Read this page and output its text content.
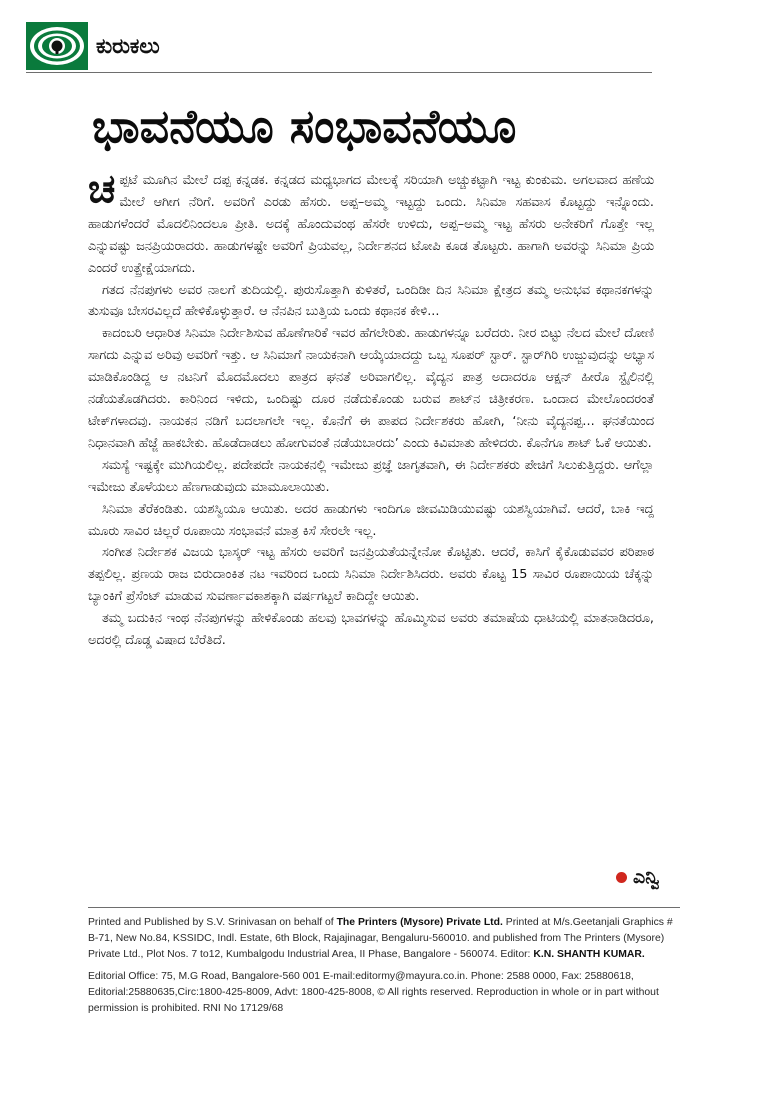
ಕುರುಕಲು
ಭಾವನೆಯೂ ಸಂಭಾವನೆಯೂ

ಚಪ್ಪಟೆ ಮೂಗಿನ ಮೇಲೆ ದಪ್ಪ ಕನ್ನಡಕ. ಕನ್ನಡದ ಮಧ್ಯಭಾಗದ ಮೇಲಕ್ಕೆ ಸರಿಯಾಗಿ ಅಚ್ಚುಕಟ್ಟಾಗಿ ಇಟ್ಟ ಕುಂಕುಮ. ಅಗಲವಾದ ಹಣೆಯ ಮೇಲೆ ಆಗೀಗ ನೆರಿಗೆ. ಅವರಿಗೆ ಎರಡು ಹೆಸರು. ಅಪ್ಪ–ಅಮ್ಮ ಇಟ್ಟದ್ದು ಒಂದು. ಸಿನಿಮಾ ಸಹವಾಸ ಕೊಟ್ಟದ್ದು ಇನ್ನೊಂದು. ಹಾಡುಗಳೆಂದರೆ ಮೊದಲಿನಿಂದಲೂ ಪ್ರೀತಿ. ಅದಕ್ಕೆ ಹೊಂದುವಂಥ ಹೆಸರೇ ಉಳಿದು, ಅಪ್ಪ–ಅಮ್ಮ ಇಟ್ಟ ಹೆಸರು ಅನೇಕರಿಗೆ ಗೊತ್ತೇ ಇಲ್ಲ ಎನ್ನುವಷ್ಟು ಜನಪ್ರಿಯರಾದರು. ಹಾಡುಗಳಷ್ಟೇ ಅವರಿಗೆ ಪ್ರಿಯವಲ್ಲ, ನಿರ್ದೇಶನದ ಟೋಪಿ ಕೂಡ ತೊಟ್ಟರು. ಹಾಗಾಗಿ ಅವರನ್ನು ಸಿನಿಮಾ ಪ್ರಿಯ ಎಂದರೆ ಉತ್ಪ್ರೇಕ್ಷೆಯಾಗದು.

ಗತದ ನೆನಪುಗಳು ಅವರ ನಾಲಗೆ ತುದಿಯಲ್ಲಿ. ಪುರುಸೊತ್ತಾಗಿ ಕುಳಿತರೆ, ಒಂದಿಡೀ ದಿನ ಸಿನಿಮಾ ಕ್ಷೇತ್ರದ ತಮ್ಮ ಅನುಭವ ಕಥಾನಕಗಳನ್ನು ತುಸುವೂ ಬೇಸರವಿಲ್ಲದೆ ಹೇಳಿಕೊಳ್ಳುತ್ತಾರೆ. ಆ ನೆನಪಿನ ಬುತ್ತಿಯ ಒಂದು ಕಥಾನಕ ಕೇಳಿ...

ಕಾದಂಬರಿ ಆಧಾರಿತ ಸಿನಿಮಾ ನಿರ್ದೇಶಿಸುವ ಹೊಣೆಗಾರಿಕೆ ಇವರ ಹೆಗಲೇರಿತು. ಹಾಡುಗಳನ್ನೂ ಬರೆದರು. ನೀರ ಬಿಟ್ಟು ನೆಲದ ಮೇಲೆ ದೋಣಿ ಸಾಗದು ಎನ್ನುವ ಅರಿವು ಅವರಿಗೆ ಇತ್ತು. ಆ ಸಿನಿಮಾಗೆ ನಾಯಕನಾಗಿ ಆಯ್ಕೆಯಾದದ್ದು ಒಬ್ಬ ಸೂಪರ್ ಸ್ಟಾರ್. ಸ್ಟಾರ್‌ಗಿರಿ ಉಜ್ಜುವುದನ್ನು ಅಭ್ಯಾಸ ಮಾಡಿಕೊಂಡಿದ್ದ ಆ ನಟನಿಗೆ ಮೊದಮೊದಲು ಪಾತ್ರದ ಘನತೆ ಅರಿವಾಗಲಿಲ್ಲ. ವೈದ್ಯನ ಪಾತ್ರ ಅದಾದರೂ ಆಕ್ಷನ್ ಹೀರೊ ಸ್ಟೈಲಿನಲ್ಲಿ ನಡೆಯತೊಡಗಿದರು. ಕಾರಿನಿಂದ ಇಳಿದು, ಒಂದಿಷ್ಟು ದೂರ ನಡೆದುಕೊಂಡು ಬರುವ ಶಾಟ್‌ನ ಚಿತ್ರೀಕರಣ. ಒಂದಾದ ಮೇಲೊಂದರಂತೆ ಟೇಕ್‌ಗಳಾದವು. ನಾಯಕನ ನಡಿಗೆ ಬದಲಾಗಲೇ ಇಲ್ಲ. ಕೊನೆಗೆ ಈ ಪಾಪದ ನಿರ್ದೇಶಕರು ಹೋಗಿ, ‘ನೀನು ವೈದ್ಯನಪ್ಪ... ಘನತೆಯಿಂದ ನಿಧಾನವಾಗಿ ಹೆಜ್ಜೆ ಹಾಕಬೇಕು. ಹೊಡೆದಾಡಲು ಹೋಗುವಂತೆ ನಡೆಯಬಾರದು’ ಎಂದು ಕಿವಿಮಾತು ಹೇಳಿದರು. ಕೊನೆಗೂ ಶಾಟ್ ಓಕೆ ಆಯಿತು.

ಸಮಸ್ಯೆ ಇಷ್ಟಕ್ಕೇ ಮುಗಿಯಲಿಲ್ಲ. ಪದೇಪದೇ ನಾಯಕನಲ್ಲಿ ಇಮೇಜು ಪ್ರಜ್ಞೆ ಜಾಗೃತವಾಗಿ, ಈ ನಿರ್ದೇಶಕರು ಪೇಚಿಗೆ ಸಿಲುಕುತ್ತಿದ್ದರು. ಆಗೆಲ್ಲಾ ಇಮೇಜು ತೊಳೆಯಲು ಹೆಣಗಾಡುವುದು ಮಾಮೂಲಾಯಿತು.

ಸಿನಿಮಾ ತೆರೆಕಂಡಿತು. ಯಶಸ್ವಿಯೂ ಆಯಿತು. ಅದರ ಹಾಡುಗಳು ಇಂದಿಗೂ ಜೀವಮಿಡಿಯುವಷ್ಟು ಯಶಸ್ವಿಯಾಗಿವೆ. ಆದರೆ, ಬಾಕಿ ಇದ್ದ ಮೂರು ಸಾವಿರ ಚಿಲ್ಲರೆ ರೂಪಾಯಿ ಸಂಭಾವನೆ ಮಾತ್ರ ಕಿಸೆ ಸೇರಲೇ ಇಲ್ಲ.

ಸಂಗೀತ ನಿರ್ದೇಶಕ ವಿಜಯ ಭಾಸ್ಕರ್ ಇಟ್ಟ ಹೆಸರು ಅವರಿಗೆ ಜನಪ್ರಿಯತೆಯನ್ನೇನೋ ಕೊಟ್ಟಿತು. ಆದರೆ, ಕಾಸಿಗೆ ಕೈಕೊಡುವವರ ಪರಿಪಾಠ ತಪ್ಪಲಿಲ್ಲ. ಪ್ರಣಯ ರಾಜ ಬಿರುದಾಂಕಿತ ನಟ ಇವರಿಂದ ಒಂದು ಸಿನಿಮಾ ನಿರ್ದೇಶಿಸಿದರು. ಅವರು ಕೊಟ್ಟ 15 ಸಾವಿರ ರೂಪಾಯಿಯ ಚೆಕ್ಕನ್ನು ಬ್ಯಾಂಕಿಗೆ ಪ್ರೆಸೆಂಟ್ ಮಾಡುವ ಸುವರ್ಣಾವಕಾಶಕ್ಕಾಗಿ ವರ್ಷಗಟ್ಟಲೆ ಕಾದಿದ್ದೇ ಆಯಿತು.

ತಮ್ಮ ಬದುಕಿನ ಇಂಥ ನೆನಪುಗಳನ್ನು ಹೇಳಿಕೊಂಡು ಹಲವು ಭಾವಗಳನ್ನು ಹೊಮ್ಮಿಸುವ ಅವರು ತಮಾಷೆಯ ಧಾಟಿಯಲ್ಲಿ ಮಾತನಾಡಿದರೂ, ಅದರಲ್ಲಿ ದೊಡ್ಡ ವಿಷಾದ ಬೆರೆತಿದೆ.

ಎನ್ವಿ

Printed and Published by S.V. Srinivasan on behalf of The Printers (Mysore) Private Ltd. Printed at M/s.Geetanjali Graphics # B-71, New No.84, KSSIDC, Indl. Estate, 6th Block, Rajajinagar, Bengaluru-560010. and published from The Printers (Mysore) Private Ltd., Plot Nos. 7 to12, Kumbalgodu Industrial Area, II Phase, Bangalore - 560074. Editor: K.N. SHANTH KUMAR.

Editorial Office: 75, M.G Road, Bangalore-560 001 E-mail:editormy@mayura.co.in. Phone: 2588 0000, Fax: 25880618, Editorial:25880635,Circ:1800-425-8009, Advt: 1800-425-8008, © All rights reserved. Reproduction in whole or in part without permission is prohibited. RNI No 17129/68
